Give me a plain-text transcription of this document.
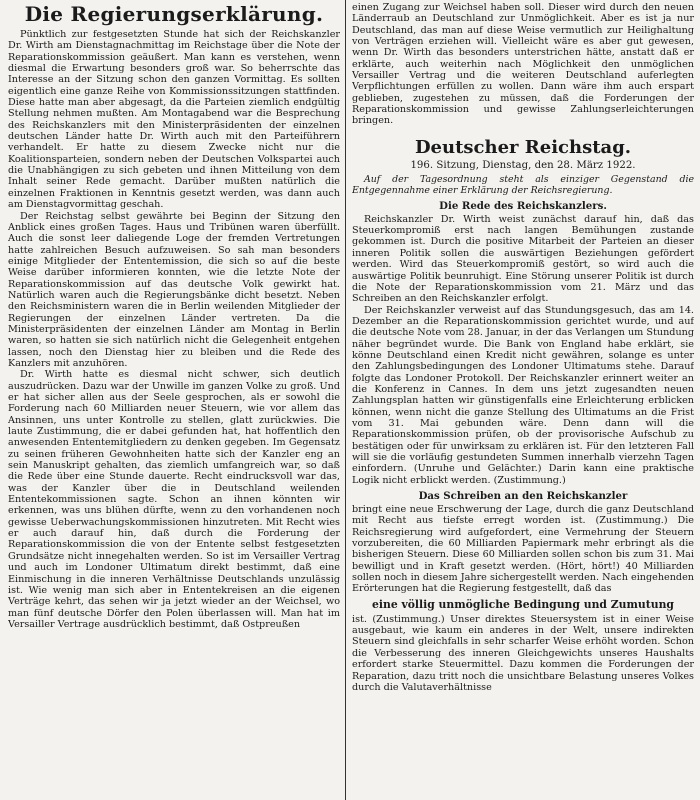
Die Regierungserklärung.

Pünktlich zur festgesetzten Stunde hat sich der Reichskanzler Dr. Wirth am Dienstagnachmittag im Reichstage über die Note der Reparationskommission geäußert. Man kann es verstehen, wenn diesmal die Erwartung besonders groß war. So beherrschte das Interesse an der Sitzung schon den ganzen Vormittag. Es sollten eigentlich eine ganze Reihe von Kommissionssitzungen stattfinden. Diese hatte man aber abgesagt, da die Parteien ziemlich endgültig Stellung nehmen mußten. Am Montagabend war die Besprechung des Reichskanzlers mit den Ministerpräsidenten der einzelnen deutschen Länder hatte Dr. Wirth auch mit den Parteiführern verhandelt. Er hatte zu diesem Zwecke nicht nur die Koalitionsparteien, sondern neben der Deutschen Volkspartei auch die Unabhängigen zu sich gebeten und ihnen Mitteilung von dem Inhalt seiner Rede gemacht. Darüber mußten natürlich die einzelnen Fraktionen in Kenntnis gesetzt werden, was dann auch am Dienstagvormittag geschah.

Der Reichstag selbst gewährte bei Beginn der Sitzung den Anblick eines großen Tages. Haus und Tribünen waren überfüllt. Auch die sonst leer daliegende Loge der fremden Vertretungen hatte zahlreichen Besuch aufzuweisen. So sah man besonders einige Mitglieder der Ententemission, die sich so auf die beste Weise darüber informieren konnten, wie die letzte Note der Reparationskommission auf das deutsche Volk gewirkt hat. Natürlich waren auch die Regierungsbänke dicht besetzt. Neben den Reichsministern waren die in Berlin weilenden Mitglieder der Regierungen der einzelnen Länder vertreten. Da die Ministerpräsidenten der einzelnen Länder am Montag in Berlin waren, so hatten sie sich natürlich nicht die Gelegenheit entgehen lassen, noch den Dienstag hier zu bleiben und die Rede des Kanzlers mit anzuhören.

Dr. Wirth hatte es diesmal nicht schwer, sich deutlich auszudrücken. Dazu war der Unwille im ganzen Volke zu groß. Und er hat sicher allen aus der Seele gesprochen, als er sowohl die Forderung nach 60 Milliarden neuer Steuern, wie vor allem das Ansinnen, uns unter Kontrolle zu stellen, glatt zurückwies. Die laute Zustimmung, die er dabei gefunden hat, hat hoffentlich den anwesenden Ententemitgliedern zu denken gegeben. Im Gegensatz zu seinen früheren Gewohnheiten hatte sich der Kanzler eng an sein Manuskript gehalten, das ziemlich umfangreich war, so daß die Rede über eine Stunde dauerte. Recht eindrucksvoll war das, was der Kanzler über die in Deutschland weilenden Ententekommissionen sagte. Schon an ihnen könnten wir erkennen, was uns blühen dürfte, wenn zu den vorhandenen noch gewisse Ueberwachungskommissionen hinzutreten. Mit Recht wies er auch darauf hin, daß durch die Forderung der Reparationskommission die von der Entente selbst festgesetzten Grundsätze nicht innegehalten werden. So ist im Versailler Vertrag und auch im Londoner Ultimatum direkt bestimmt, daß eine Einmischung in die inneren Verhältnisse Deutschlands unzulässig ist. Wie wenig man sich aber in Ententekreisen an die eigenen Verträge kehrt, das sehen wir ja jetzt wieder an der Weichsel, wo man fünf deutsche Dörfer den Polen überlassen will. Man hat im Versailler Vertrage ausdrücklich bestimmt, daß Ostpreußen

einen Zugang zur Weichsel haben soll. Dieser wird durch den neuen Länderraub an Deutschland zur Unmöglichkeit. Aber es ist ja nur Deutschland, das man auf diese Weise vermutlich zur Heilighaltung von Verträgen erziehen will. Vielleicht wäre es aber gut gewesen, wenn Dr. Wirth das besonders unterstrichen hätte, anstatt daß er erklärte, auch weiterhin nach Möglichkeit den unmöglichen Versailler Vertrag und die weiteren Deutschland auferlegten Verpflichtungen erfüllen zu wollen. Dann wäre ihm auch erspart geblieben, zugestehen zu müssen, daß die Forderungen der Reparationskommission und gewisse Zahlungserleichterungen bringen.

Deutscher Reichstag.
196. Sitzung, Dienstag, den 28. März 1922.
Auf der Tagesordnung steht als einziger Gegenstand die Entgegennahme einer Erklärung der Reichsregierung.
Die Rede des Reichskanzlers.

Reichskanzler Dr. Wirth weist zunächst darauf hin, daß das Steuerkompromiß erst nach langen Bemühungen zustande gekommen ist. Durch die positive Mitarbeit der Parteien an dieser inneren Politik sollen die auswärtigen Beziehungen gefördert werden. Wird das Steuerkompromiß gestört, so wird auch die auswärtige Politik beunruhigt. Eine Störung unserer Politik ist durch die Note der Reparationskommission vom 21. März und das Schreiben an den Reichskanzler erfolgt.

Der Reichskanzler verweist auf das Stundungsgesuch, das am 14. Dezember an die Reparationskommission gerichtet wurde, und auf die deutsche Note vom 28. Januar, in der das Verlangen um Stundung näher begründet wurde. Die Bank von England habe erklärt, sie könne Deutschland einen Kredit nicht gewähren, solange es unter den Zahlungsbedingungen des Londoner Ultimatums stehe. Darauf folgte das Londoner Protokoll. Der Reichskanzler erinnert weiter an die Konferenz in Cannes. In dem uns jetzt zugesandten neuen Zahlungsplan hatten wir günstigenfalls eine Erleichterung erblicken können, wenn nicht die ganze Stellung des Ultimatums an die Frist vom 31. Mai gebunden wäre. Denn dann will die Reparationskommission prüfen, ob der provisorische Aufschub zu bestätigen oder für unwirksam zu erklären ist. Für den letzteren Fall will sie die vorläufig gestundeten Summen innerhalb vierzehn Tagen einfordern. (Unruhe und Gelächter.) Darin kann eine praktische Logik nicht erblickt werden. (Zustimmung.)

Das Schreiben an den Reichskanzler

bringt eine neue Erschwerung der Lage, durch die ganz Deutschland mit Recht aus tiefste erregt worden ist. (Zustimmung.) Die Reichsregierung wird aufgefordert, eine Vermehrung der Steuern vorzubereiten, die 60 Milliarden Papiermark mehr erbringt als die bisherigen Steuern. Diese 60 Milliarden sollen schon bis zum 31. Mai bewilligt und in Kraft gesetzt werden. (Hört, hört!) 40 Milliarden sollen noch in diesem Jahre sichergestellt werden. Nach eingehenden Erörterungen hat die Regierung festgestellt, daß das

eine völlig unmögliche Bedingung und Zumutung

ist. (Zustimmung.) Unser direktes Steuersystem ist in einer Weise ausgebaut, wie kaum ein anderes in der Welt, unsere indirekten Steuern sind gleichfalls in sehr scharfer Weise erhöht worden. Schon die Verbesserung des inneren Gleichgewichts unseres Haushalts erfordert starke Steuermittel. Dazu kommen die Forderungen der Reparation, dazu tritt noch die unsichtbare Belastung unseres Volkes durch die Valutaverhältnisse
